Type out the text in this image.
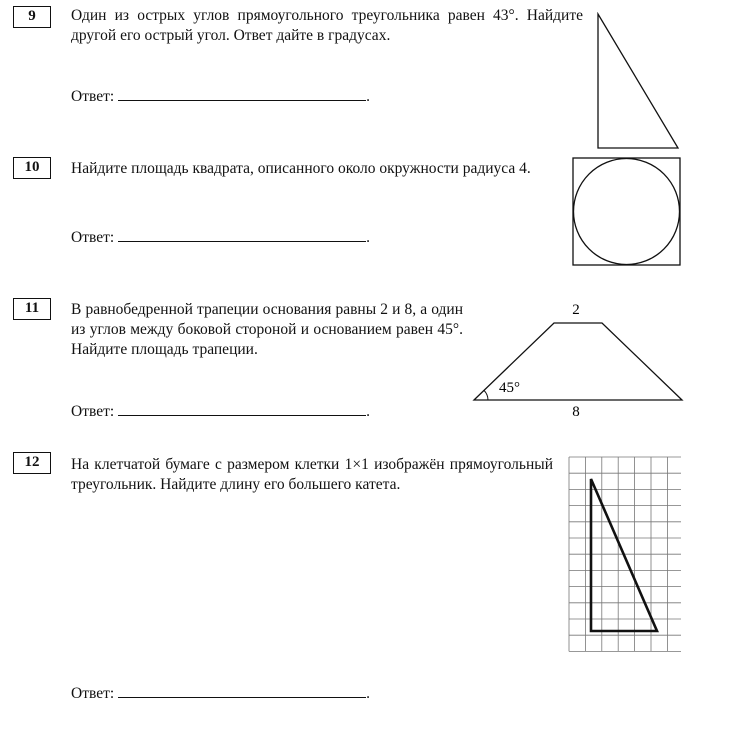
9	Один из острых углов прямоугольного треугольника равен 43°. Найдите другой его острый угол. Ответ дайте в градусах.
Ответ:	.
10	Найдите площадь квадрата, описанного около окружности радиуса 4.
Ответ:	.
11	В равнобедренной трапеции основания равны 2 и 8, а один из углов между боковой стороной и основанием равен 45°. Найдите площадь трапеции.
Ответ:	.
2
45°
8
12	На клетчатой бумаге с размером клетки 1×1 изображён прямоугольный треугольник. Найдите длину его большего катета.
Ответ:	.
